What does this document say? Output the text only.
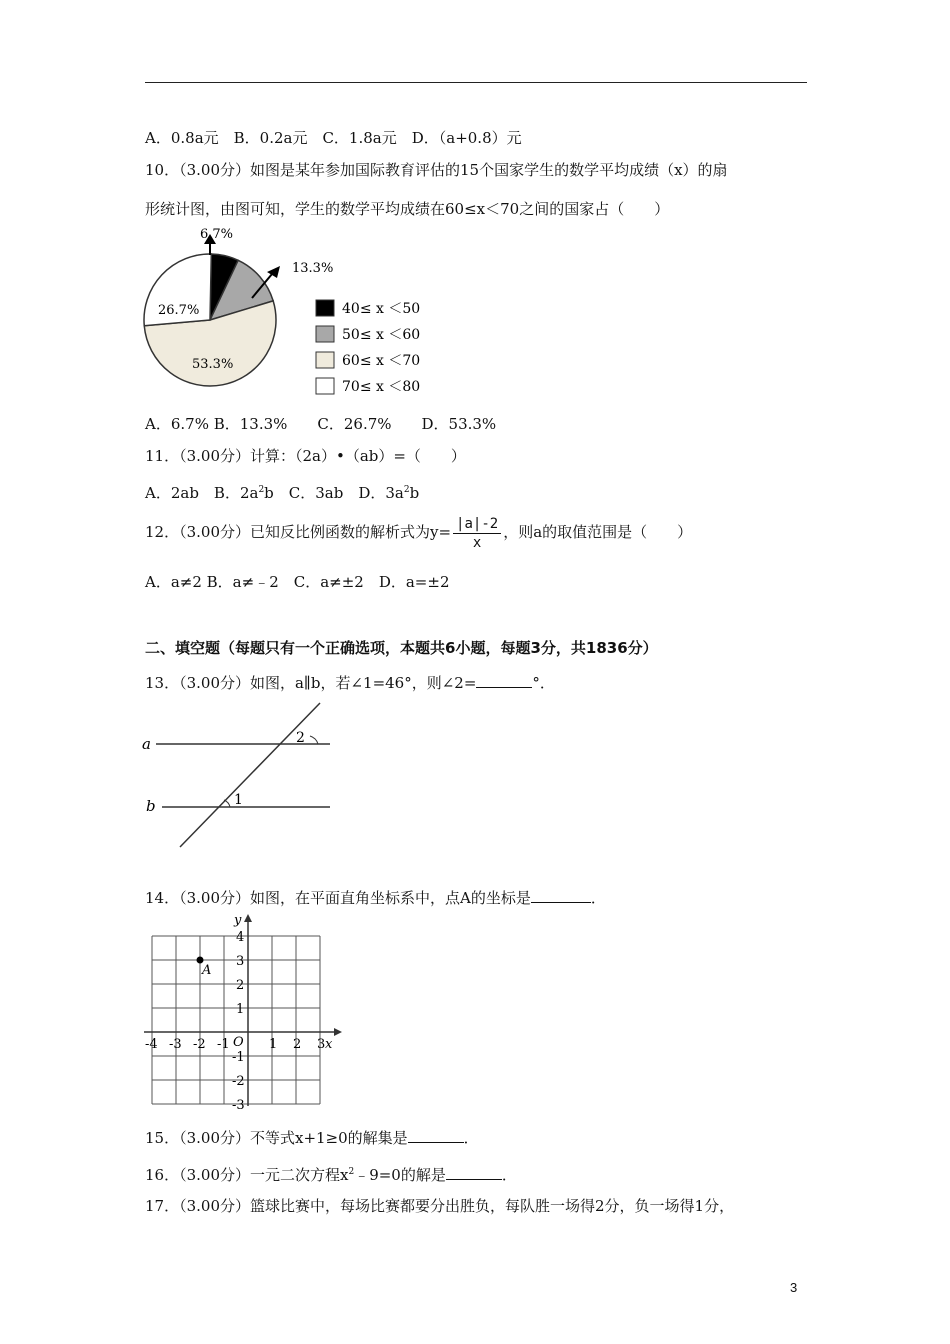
A．0.8a元　B．0.2a元　C．1.8a元　D．（a+0.8）元
10．（3.00分）如图是某年参加国际教育评估的15个国家学生的数学平均成绩（x）的扇
形统计图，由图可知，学生的数学平均成绩在60≤x＜70之间的国家占（　　）
6.7%
13.3%
53.3%
26.7%	40≤ x ＜50
50≤ x ＜60
60≤ x ＜70
70≤ x ＜80
A．6.7% B．13.3%　　C．26.7%　　D．53.3%
11．（3.00分）计算：（2a）•（ab）=（　　）
A．2ab　B．$2a^2b$　C．3ab　D．$3a^2b$
12．（3.00分）已知反比例函数的解析式为$y= \frac{|a|-2}{x}$ ，则a的取值范围是（　　）
A．a≠2 B．a≠﹣2　C．a≠±2　D．a=±2
二、填空题（每题只有一个正确选项，本题共6小题，每题3分，共1836分）
13．（3.00分）如图，a∥b，若∠1=46°，则∠2=	°．
a
b
2
1
14．（3.00分）如图，在平面直角坐标系中，点A的坐标是	．
x
y
O
-4 -3 -2 -1	1 2 3
4
3
2
1
-1
-2
-3
A
15．（3.00分）不等式x+1≥0的解集是	．
16．（3.00分）一元二次方程$x^2﹣9=0$的解是	．
17．（3.00分）篮球比赛中，每场比赛都要分出胜负，每队胜一场得2分，负一场得1分，
3
